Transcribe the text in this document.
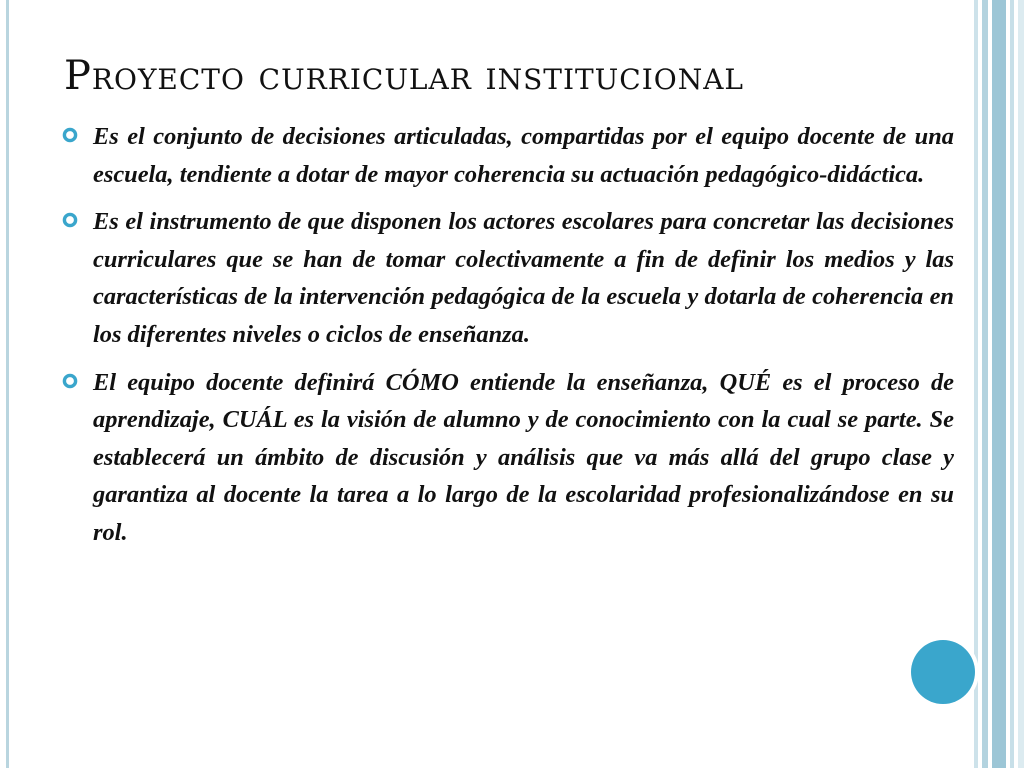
Proyecto curricular institucional
Es el conjunto de decisiones articuladas, compartidas por el equipo docente de una escuela, tendiente a dotar de mayor coherencia su actuación pedagógico-didáctica.
Es el instrumento de que disponen los actores escolares para concretar las decisiones curriculares que se han de tomar colectivamente a fin de definir los medios y las características de la intervención pedagógica de la escuela y dotarla de coherencia en los diferentes niveles o ciclos de enseñanza.
El equipo docente definirá CÓMO entiende la enseñanza, QUÉ es el proceso de aprendizaje, CUÁL es la visión de alumno y de conocimiento con la cual se parte. Se establecerá un ámbito de discusión y análisis que va más allá del grupo clase y garantiza al docente la tarea a lo largo de la escolaridad profesionalizándose en su rol.
